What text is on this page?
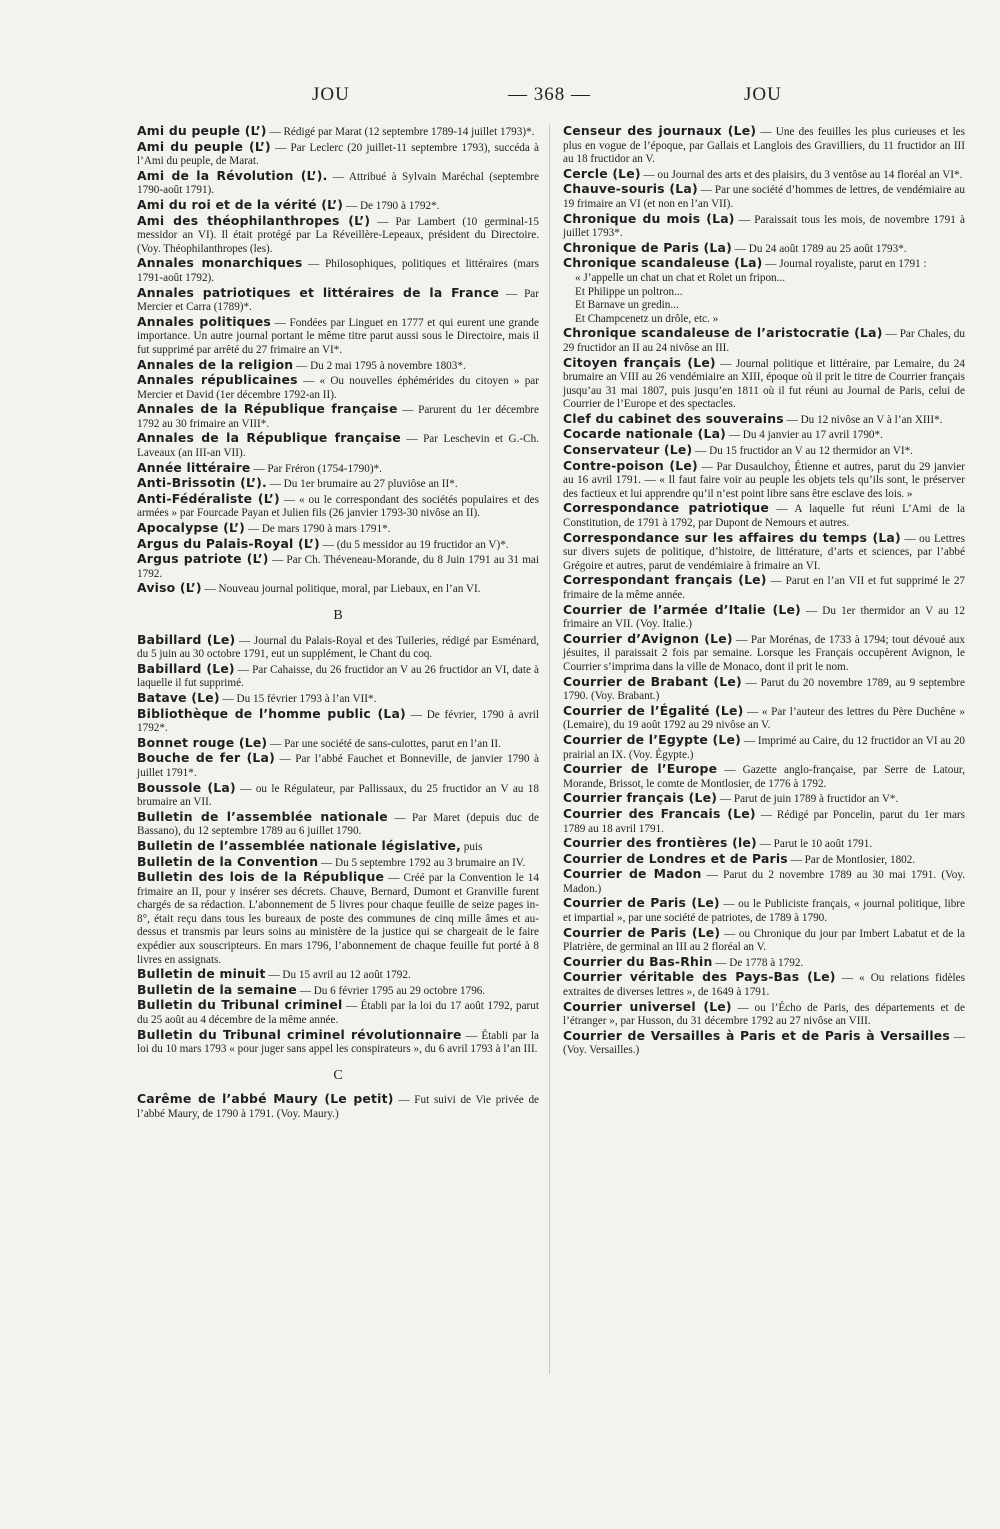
JOU	— 368 —	JOU

Ami du peuple (L’) — Rédigé par Marat (12 septembre 1789-14 juillet 1793)*.

Ami du peuple (L’) — Par Leclerc (20 juillet-11 septembre 1793), succéda à l’Ami du peuple, de Marat.

Ami de la Révolution (L’). — Attribué à Sylvain Maréchal (septembre 1790-août 1791).

Ami du roi et de la vérité (L’) — De 1790 à 1792*.

Ami des théophilanthropes (L’) — Par Lambert (10 germinal-15 messidor an VI). Il était protégé par La Réveillère-Lepeaux, président du Directoire. (Voy. Théophilanthropes (les).

Annales monarchiques — Philosophiques, politiques et littéraires (mars 1791-août 1792).

Annales patriotiques et littéraires de la France — Par Mercier et Carra (1789)*.

Annales politiques — Fondées par Linguet en 1777 et qui eurent une grande importance. Un autre journal portant le même titre parut aussi sous le Directoire, mais il fut supprimé par arrêté du 27 frimaire an VI*.

Annales de la religion — Du 2 mai 1795 à novembre 1803*.

Annales républicaines — « Ou nouvelles éphémérides du citoyen » par Mercier et David (1er décembre 1792-an II).

Annales de la République française — Parurent du 1er décembre 1792 au 30 frimaire an VIII*.

Annales de la République française — Par Leschevin et G.-Ch. Laveaux (an III-an VII).

Année littéraire — Par Fréron (1754-1790)*.

Anti-Brissotin (L’). — Du 1er brumaire au 27 pluviôse an II*.

Anti-Fédéraliste (L’) — « ou le correspondant des sociétés populaires et des armées » par Fourcade Payan et Julien fils (26 janvier 1793-30 nivôse an II).

Apocalypse (L’) — De mars 1790 à mars 1791*.

Argus du Palais-Royal (L’) — (du 5 messidor au 19 fructidor an V)*.

Argus patriote (L’) — Par Ch. Théveneau-Morande, du 8 Juin 1791 au 31 mai 1792.

Aviso (L’) — Nouveau journal politique, moral, par Liebaux, en l’an VI.

B

Babillard (Le) — Journal du Palais-Royal et des Tuileries, rédigé par Esménard, du 5 juin au 30 octobre 1791, eut un supplément, le Chant du coq.

Babillard (Le) — Par Cahaisse, du 26 fructidor an V au 26 fructidor an VI, date à laquelle il fut supprimé.

Batave (Le) — Du 15 février 1793 à l’an VII*.

Bibliothèque de l’homme public (La) — De février, 1790 à avril 1792*.

Bonnet rouge (Le) — Par une société de sans-culottes, parut en l’an II.

Bouche de fer (La) — Par l’abbé Fauchet et Bonneville, de janvier 1790 à juillet 1791*.

Boussole (La) — ou le Régulateur, par Pallissaux, du 25 fructidor an V au 18 brumaire an VII.

Bulletin de l’assemblée nationale — Par Maret (depuis duc de Bassano), du 12 septembre 1789 au 6 juillet 1790.

Bulletin de l’assemblée nationale législative, puis

Bulletin de la Convention — Du 5 septembre 1792 au 3 brumaire an IV.

Bulletin des lois de la République — Créé par la Convention le 14 frimaire an II, pour y insérer ses décrets. Chauve, Bernard, Dumont et Granville furent chargés de sa rédaction. L’abonnement de 5 livres pour chaque feuille de seize pages in-8°, était reçu dans tous les bureaux de poste des communes de cinq mille âmes et au-dessus et transmis par leurs soins au ministère de la justice qui se chargeait de le faire expédier aux souscripteurs. En mars 1796, l’abonnement de chaque feuille fut porté à 8 livres en assignats.

Bulletin de minuit — Du 15 avril au 12 août 1792.

Bulletin de la semaine — Du 6 février 1795 au 29 octobre 1796.

Bulletin du Tribunal criminel — Établi par la loi du 17 août 1792, parut du 25 août au 4 décembre de la même année.

Bulletin du Tribunal criminel révolutionnaire — Établi par la loi du 10 mars 1793 « pour juger sans appel les conspirateurs », du 6 avril 1793 à l’an III.

C

Carême de l’abbé Maury (Le petit) — Fut suivi de Vie privée de l’abbé Maury, de 1790 à 1791. (Voy. Maury.)

Censeur des journaux (Le) — Une des feuilles les plus curieuses et les plus en vogue de l’époque, par Gallais et Langlois des Gravilliers, du 11 fructidor an III au 18 fructidor an V.

Cercle (Le) — ou Journal des arts et des plaisirs, du 3 ventôse au 14 floréal an VI*.

Chauve-souris (La) — Par une société d’hommes de lettres, de vendémiaire au 19 frimaire an VI (et non en l’an VII).

Chronique du mois (La) — Paraissait tous les mois, de novembre 1791 à juillet 1793*.

Chronique de Paris (La) — Du 24 août 1789 au 25 août 1793*.

Chronique scandaleuse (La) — Journal royaliste, parut en 1791 :

« J’appelle un chat un chat et Rolet un fripon...

Et Philippe un poltron...

Et Barnave un gredin...

Et Champcenetz un drôle, etc. »

Chronique scandaleuse de l’aristocratie (La) — Par Chales, du 29 fructidor an II au 24 nivôse an III.

Citoyen français (Le) — Journal politique et littéraire, par Lemaire, du 24 brumaire an VIII au 26 vendémiaire an XIII, époque où il prit le titre de Courrier français jusqu’au 31 mai 1807, puis jusqu’en 1811 où il fut réuni au Journal de Paris, celui de Courrier de l’Europe et des spectacles.

Clef du cabinet des souverains — Du 12 nivôse an V à l’an XIII*.

Cocarde nationale (La) — Du 4 janvier au 17 avril 1790*.

Conservateur (Le) — Du 15 fructidor an V au 12 thermidor an VI*.

Contre-poison (Le) — Par Dusaulchoy, Étienne et autres, parut du 29 janvier au 16 avril 1791. — « Il faut faire voir au peuple les objets tels qu’ils sont, le préserver des factieux et lui apprendre qu’il n’est point libre sans être esclave des lois. »

Correspondance patriotique — A laquelle fut réuni L’Ami de la Constitution, de 1791 à 1792, par Dupont de Nemours et autres.

Correspondance sur les affaires du temps (La) — ou Lettres sur divers sujets de politique, d’histoire, de littérature, d’arts et sciences, par l’abbé Grégoire et autres, parut de vendémiaire à frimaire an VI.

Correspondant français (Le) — Parut en l’an VII et fut supprimé le 27 frimaire de la même année.

Courrier de l’armée d’Italie (Le) — Du 1er thermidor an V au 12 frimaire an VII. (Voy. Italie.)

Courrier d’Avignon (Le) — Par Morénas, de 1733 à 1794; tout dévoué aux jésuites, il paraissait 2 fois par semaine. Lorsque les Français occupèrent Avignon, le Courrier s’imprima dans la ville de Monaco, dont il prit le nom.

Courrier de Brabant (Le) — Parut du 20 novembre 1789, au 9 septembre 1790. (Voy. Brabant.)

Courrier de l’Égalité (Le) — « Par l’auteur des lettres du Père Duchêne » (Lemaire), du 19 août 1792 au 29 nivôse an V.

Courrier de l’Egypte (Le) — Imprimé au Caire, du 12 fructidor an VI au 20 prairial an IX. (Voy. Égypte.)

Courrier de l’Europe — Gazette anglo-française, par Serre de Latour, Morande, Brissot, le comte de Montlosier, de 1776 à 1792.

Courrier français (Le) — Parut de juin 1789 à fructidor an V*.

Courrier des Francais (Le) — Rédigé par Poncelin, parut du 1er mars 1789 au 18 avril 1791.

Courrier des frontières (le) — Parut le 10 août 1791.

Courrier de Londres et de Paris — Par de Montlosier, 1802.

Courrier de Madon — Parut du 2 novembre 1789 au 30 mai 1791. (Voy. Madon.)

Courrier de Paris (Le) — ou le Publiciste français, « journal politique, libre et impartial », par une société de patriotes, de 1789 à 1790.

Courrier de Paris (Le) — ou Chronique du jour par Imbert Labatut et de la Platrière, de germinal an III au 2 floréal an V.

Courrier du Bas-Rhin — De 1778 à 1792.

Courrier véritable des Pays-Bas (Le) — « Ou relations fidèles extraites de diverses lettres », de 1649 à 1791.

Courrier universel (Le) — ou l’Écho de Paris, des départements et de l’étranger », par Husson, du 31 décembre 1792 au 27 nivôse an VIII.

Courrier de Versailles à Paris et de Paris à Versailles — (Voy. Versailles.)
